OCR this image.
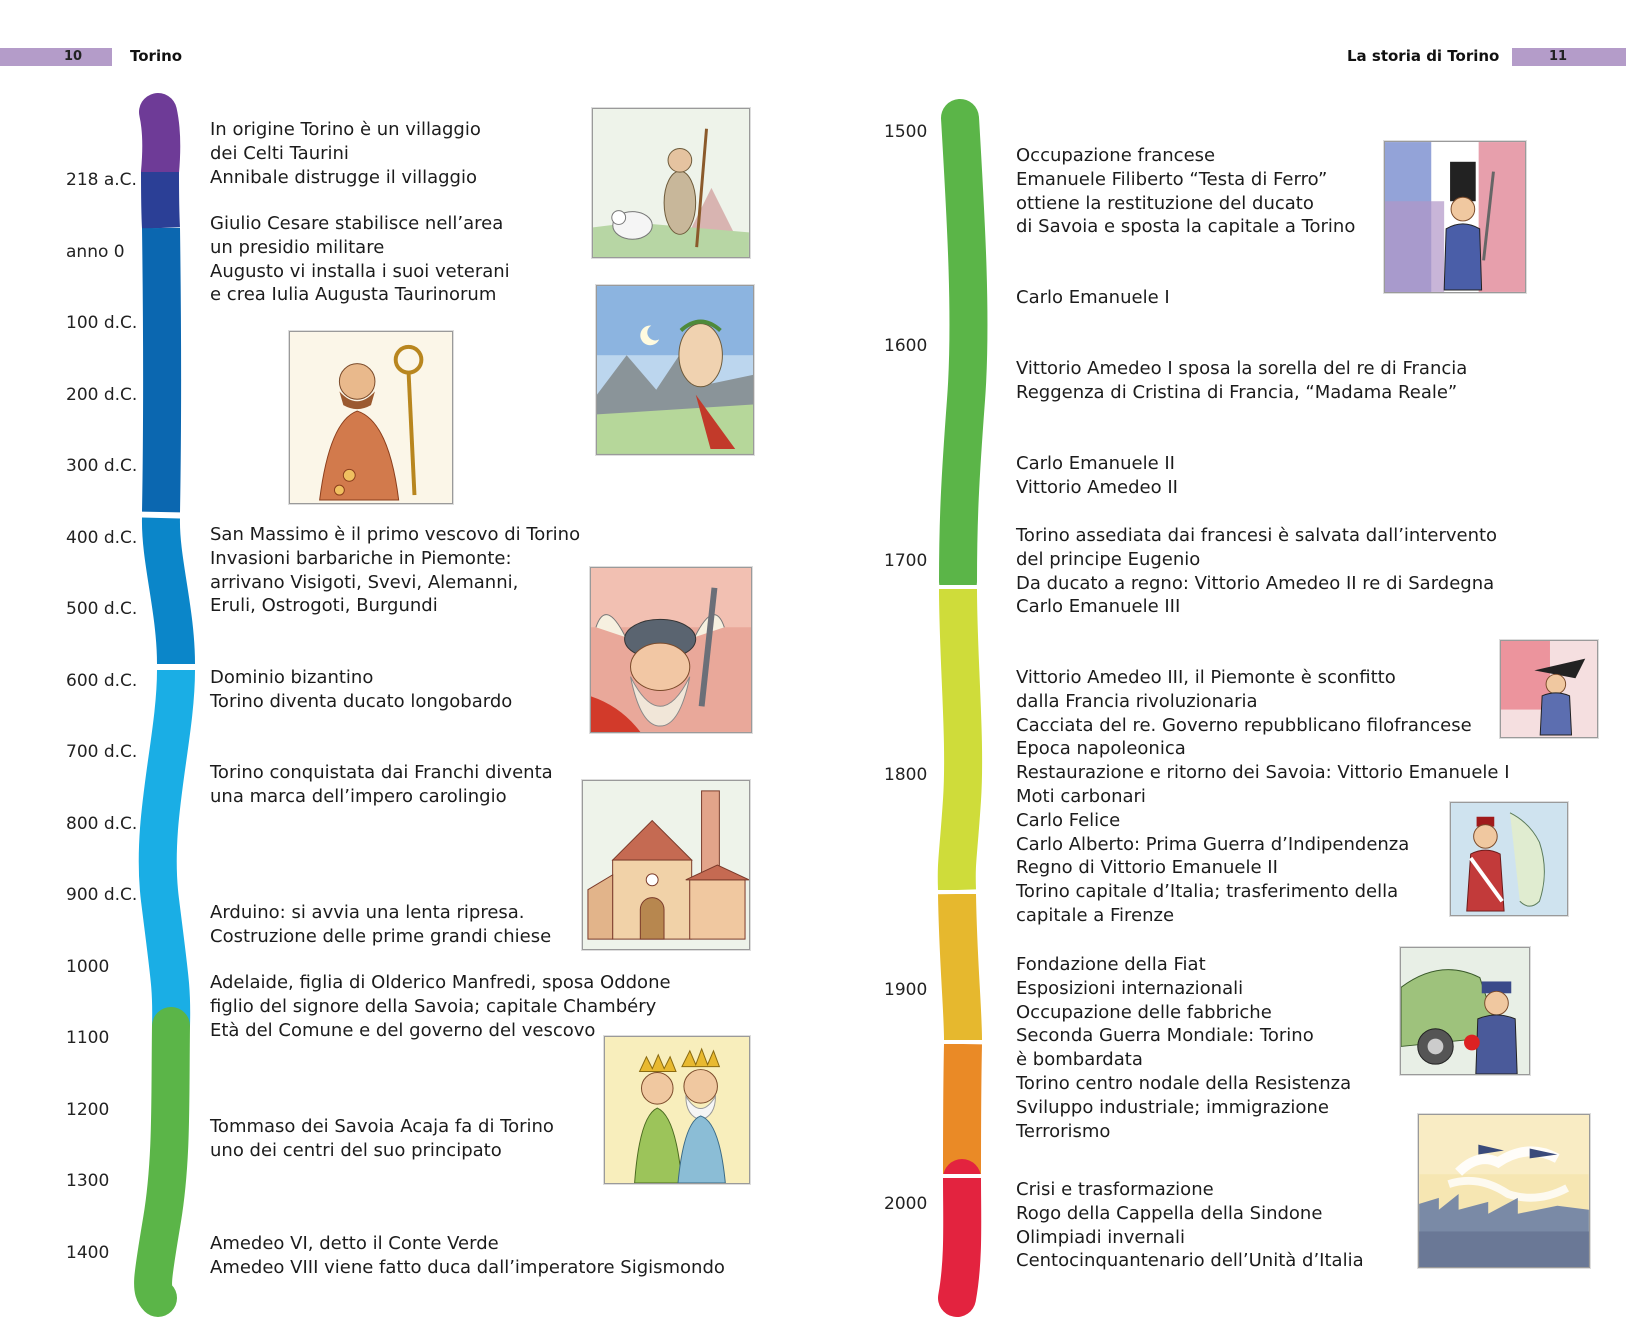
10	Torino	La storia di Torino	11
218 a.C.
anno 0
100 d.C.
200 d.C.
300 d.C.
400 d.C.
500 d.C.
600 d.C.
700 d.C.
800 d.C.
900 d.C.
1000
1100
1200
1300
1400
1500
1600
1700
1800
1900
2000
In origine Torino è un villaggio
dei Celti Taurini
Annibale distrugge il villaggio
Giulio Cesare stabilisce nell’area
un presidio militare
Augusto vi installa i suoi veterani
e crea Iulia Augusta Taurinorum
San Massimo è il primo vescovo di Torino
Invasioni barbariche in Piemonte:
arrivano Visigoti, Svevi, Alemanni,
Eruli, Ostrogoti, Burgundi
Dominio bizantino
Torino diventa ducato longobardo
Torino conquistata dai Franchi diventa
una marca dell’impero carolingio
Arduino: si avvia una lenta ripresa.
Costruzione delle prime grandi chiese
Adelaide, figlia di Olderico Manfredi, sposa Oddone
figlio del signore della Savoia; capitale Chambéry
Età del Comune e del governo del vescovo
Tommaso dei Savoia Acaja fa di Torino
uno dei centri del suo principato
Amedeo VI, detto il Conte Verde
Amedeo VIII viene fatto duca dall’imperatore Sigismondo
Occupazione francese
Emanuele Filiberto “Testa di Ferro”
ottiene la restituzione del ducato
di Savoia e sposta la capitale a Torino
Carlo Emanuele I
Vittorio Amedeo I sposa la sorella del re di Francia
Reggenza di Cristina di Francia, “Madama Reale”
Carlo Emanuele II
Vittorio Amedeo II
Torino assediata dai francesi è salvata dall’intervento
del principe Eugenio
Da ducato a regno: Vittorio Amedeo II re di Sardegna
Carlo Emanuele III
Vittorio Amedeo III, il Piemonte è sconfitto
dalla Francia rivoluzionaria
Cacciata del re. Governo repubblicano filofrancese
Epoca napoleonica
Restaurazione e ritorno dei Savoia: Vittorio Emanuele I
Moti carbonari
Carlo Felice
Carlo Alberto: Prima Guerra d’Indipendenza
Regno di Vittorio Emanuele II
Torino capitale d’Italia; trasferimento della
capitale a Firenze
Fondazione della Fiat
Esposizioni internazionali
Occupazione delle fabbriche
Seconda Guerra Mondiale: Torino
è bombardata
Torino centro nodale della Resistenza
Sviluppo industriale; immigrazione
Terrorismo
Crisi e trasformazione
Rogo della Cappella della Sindone
Olimpiadi invernali
Centocinquantenario dell’Unità d’Italia
